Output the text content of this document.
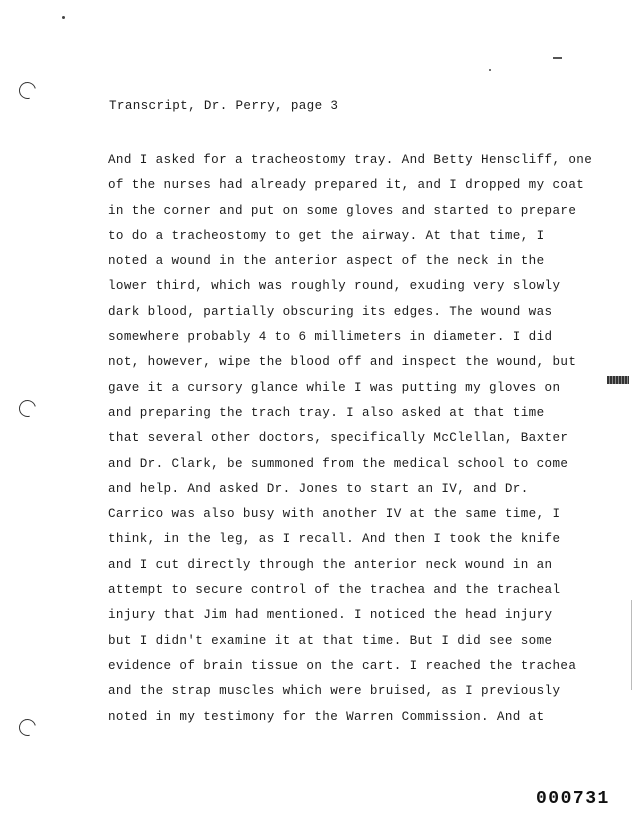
Transcript, Dr. Perry, page 3
And I asked for a tracheostomy tray. And Betty Henscliff, one
of the nurses had already prepared it, and I dropped my coat
in the corner and put on some gloves and started to prepare
to do a tracheostomy to get the airway. At that time, I
noted a wound in the anterior aspect of the neck in the
lower third, which was roughly round, exuding very slowly
dark blood, partially obscuring its edges. The wound was
somewhere probably 4 to 6 millimeters in diameter. I did
not, however, wipe the blood off and inspect the wound, but
gave it a cursory glance while I was putting my gloves on
and preparing the trach tray. I also asked at that time
that several other doctors, specifically McClellan, Baxter
and Dr. Clark, be summoned from the medical school to come
and help. And asked Dr. Jones to start an IV, and Dr.
Carrico was also busy with another IV at the same time, I
think, in the leg, as I recall. And then I took the knife
and I cut directly through the anterior neck wound in an
attempt to secure control of the trachea and the tracheal
injury that Jim had mentioned. I noticed the head injury
but I didn't examine it at that time. But I did see some
evidence of brain tissue on the cart. I reached the trachea
and the strap muscles which were bruised, as I previously
noted in my testimony for the Warren Commission. And at
000731
